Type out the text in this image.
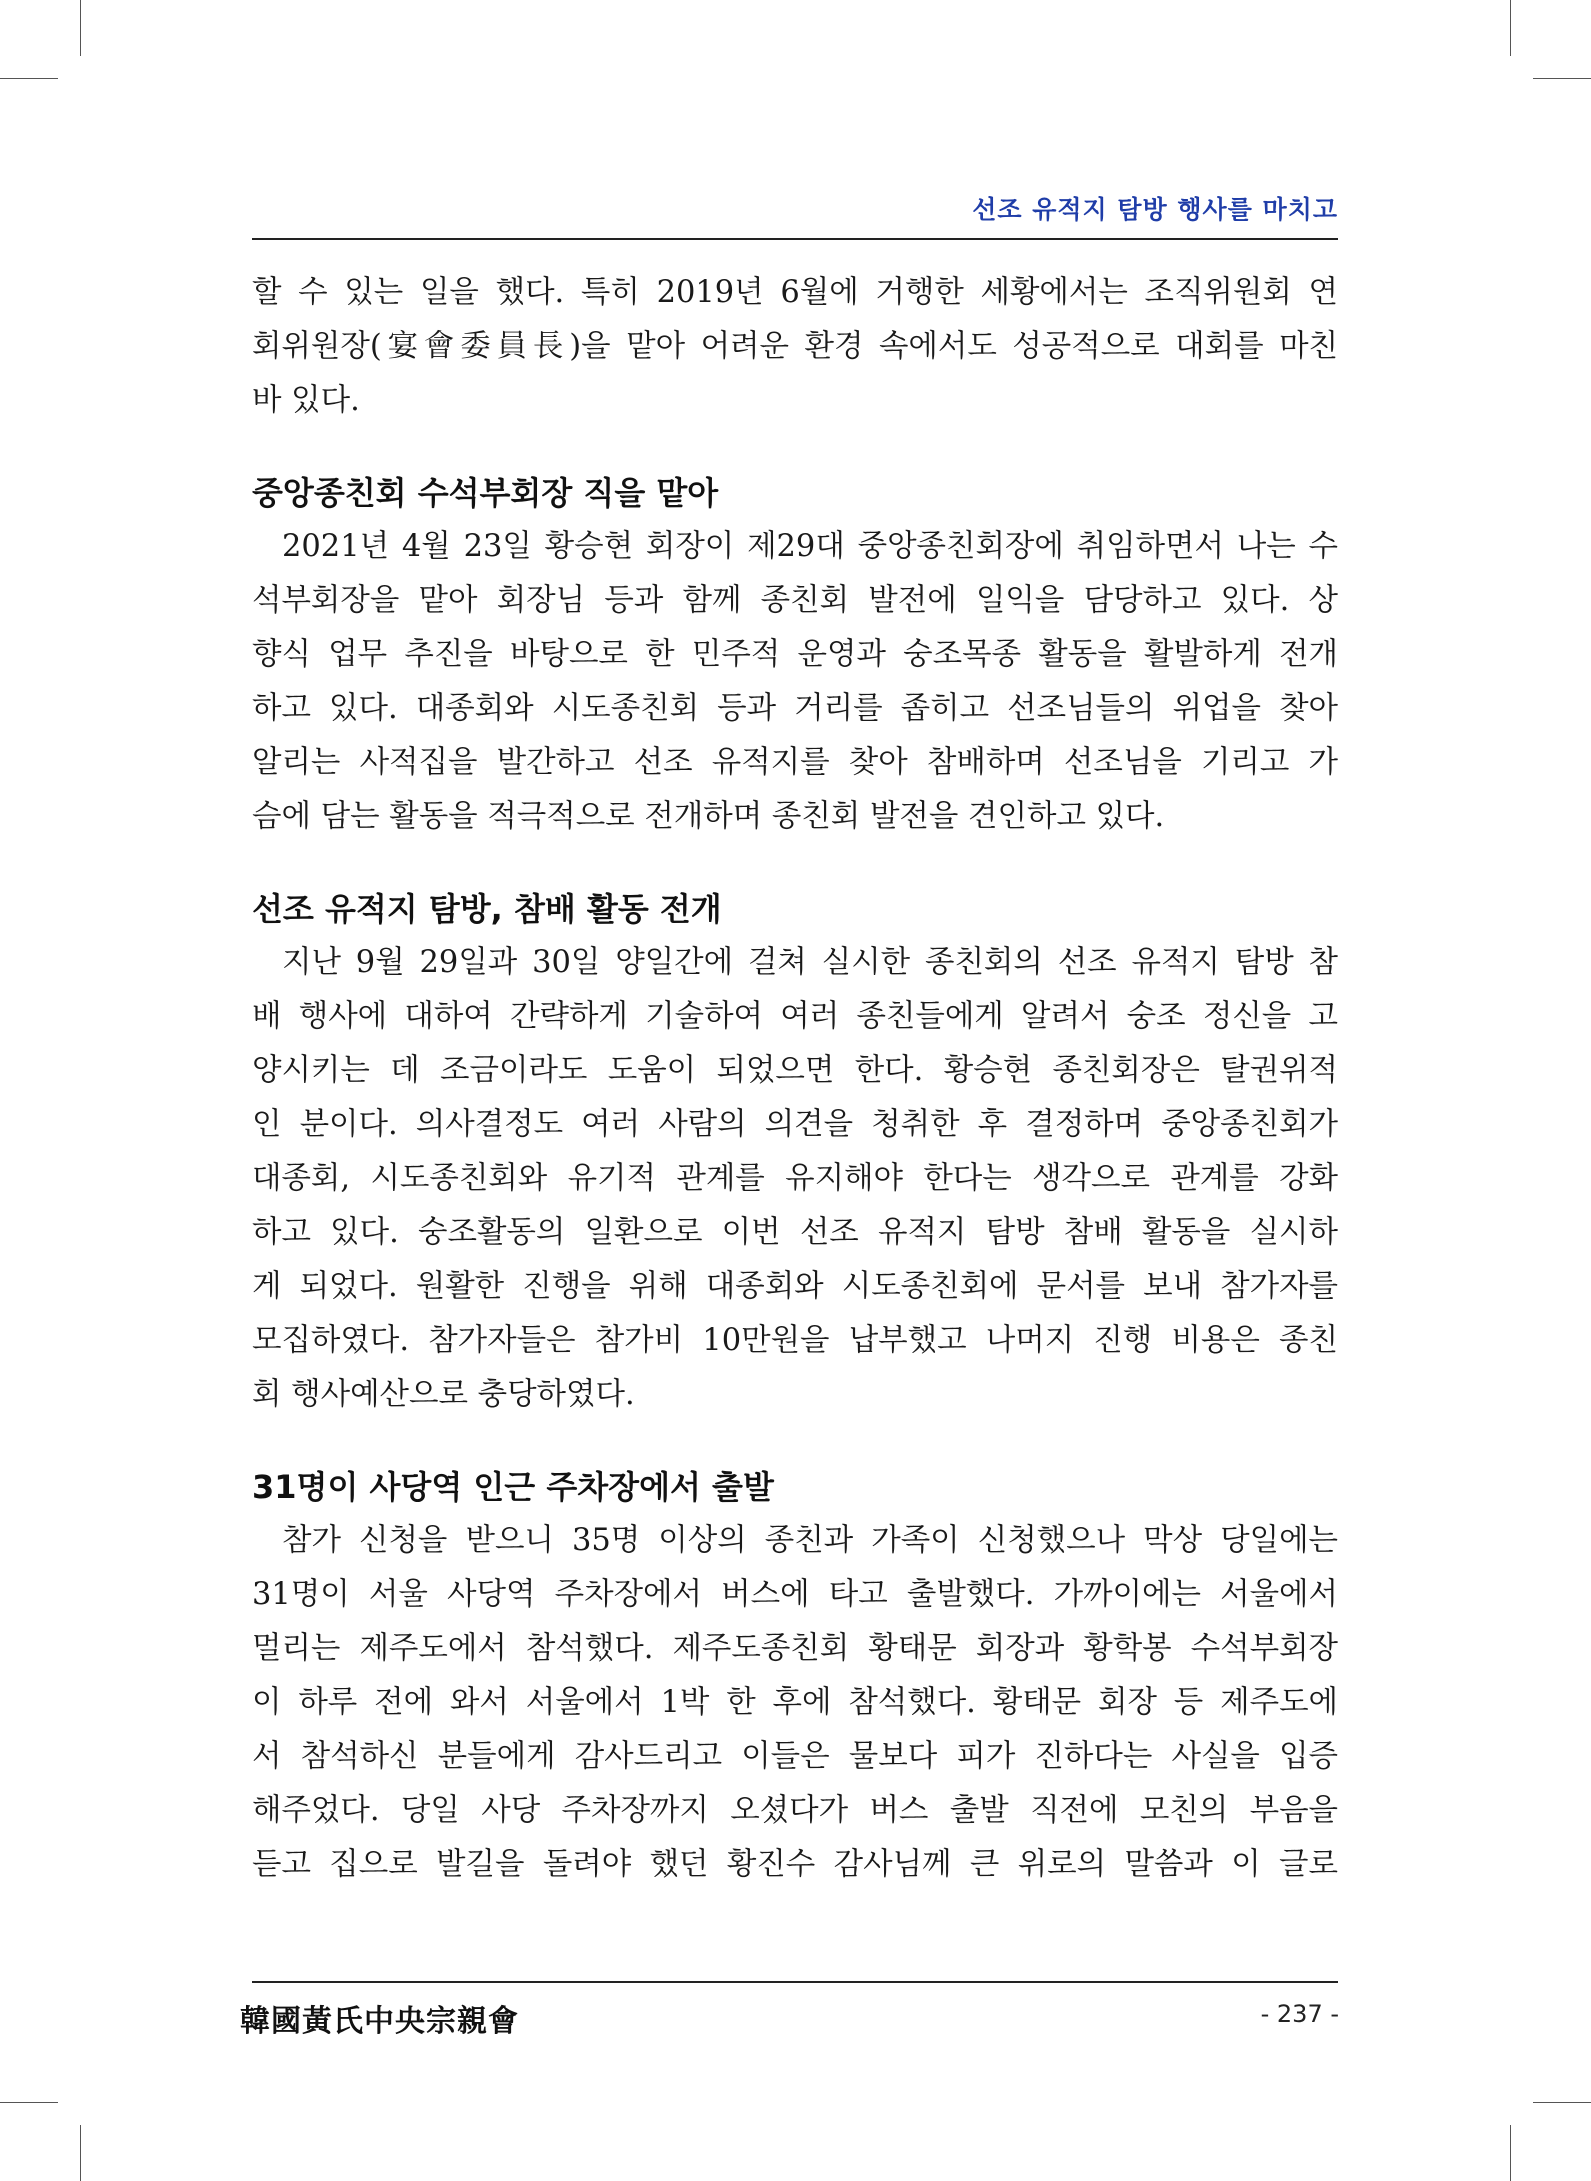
선조 유적지 탐방 행사를 마치고

할 수 있는 일을 했다. 특히 2019년 6월에 거행한 세황에서는 조직위원회 연

회위원장(宴會委員長)을 맡아 어려운 환경 속에서도 성공적으로 대회를 마친

바 있다.

중앙종친회 수석부회장 직을 맡아

2021년 4월 23일 황승현 회장이 제29대 중앙종친회장에 취임하면서 나는 수

석부회장을 맡아 회장님 등과 함께 종친회 발전에 일익을 담당하고 있다. 상

향식 업무 추진을 바탕으로 한 민주적 운영과 숭조목종 활동을 활발하게 전개

하고 있다. 대종회와 시도종친회 등과 거리를 좁히고 선조님들의 위업을 찾아

알리는 사적집을 발간하고 선조 유적지를 찾아 참배하며 선조님을 기리고 가

슴에 담는 활동을 적극적으로 전개하며 종친회 발전을 견인하고 있다.

선조 유적지 탐방, 참배 활동 전개

지난 9월 29일과 30일 양일간에 걸쳐 실시한 종친회의 선조 유적지 탐방 참

배 행사에 대하여 간략하게 기술하여 여러 종친들에게 알려서 숭조 정신을 고

양시키는 데 조금이라도 도움이 되었으면 한다. 황승현 종친회장은 탈권위적

인 분이다. 의사결정도 여러 사람의 의견을 청취한 후 결정하며 중앙종친회가

대종회, 시도종친회와 유기적 관계를 유지해야 한다는 생각으로 관계를 강화

하고 있다. 숭조활동의 일환으로 이번 선조 유적지 탐방 참배 활동을 실시하

게 되었다. 원활한 진행을 위해 대종회와 시도종친회에 문서를 보내 참가자를

모집하였다. 참가자들은 참가비 10만원을 납부했고 나머지 진행 비용은 종친

회 행사예산으로 충당하였다.

31명이 사당역 인근 주차장에서 출발

참가 신청을 받으니 35명 이상의 종친과 가족이 신청했으나 막상 당일에는

31명이 서울 사당역 주차장에서 버스에 타고 출발했다. 가까이에는 서울에서

멀리는 제주도에서 참석했다. 제주도종친회 황태문 회장과 황학봉 수석부회장

이 하루 전에 와서 서울에서 1박 한 후에 참석했다. 황태문 회장 등 제주도에

서 참석하신 분들에게 감사드리고 이들은 물보다 피가 진하다는 사실을 입증

해주었다. 당일 사당 주차장까지 오셨다가 버스 출발 직전에 모친의 부음을

듣고 집으로 발길을 돌려야 했던 황진수 감사님께 큰 위로의 말씀과 이 글로

韓國黃氏中央宗親會	- 237 -
